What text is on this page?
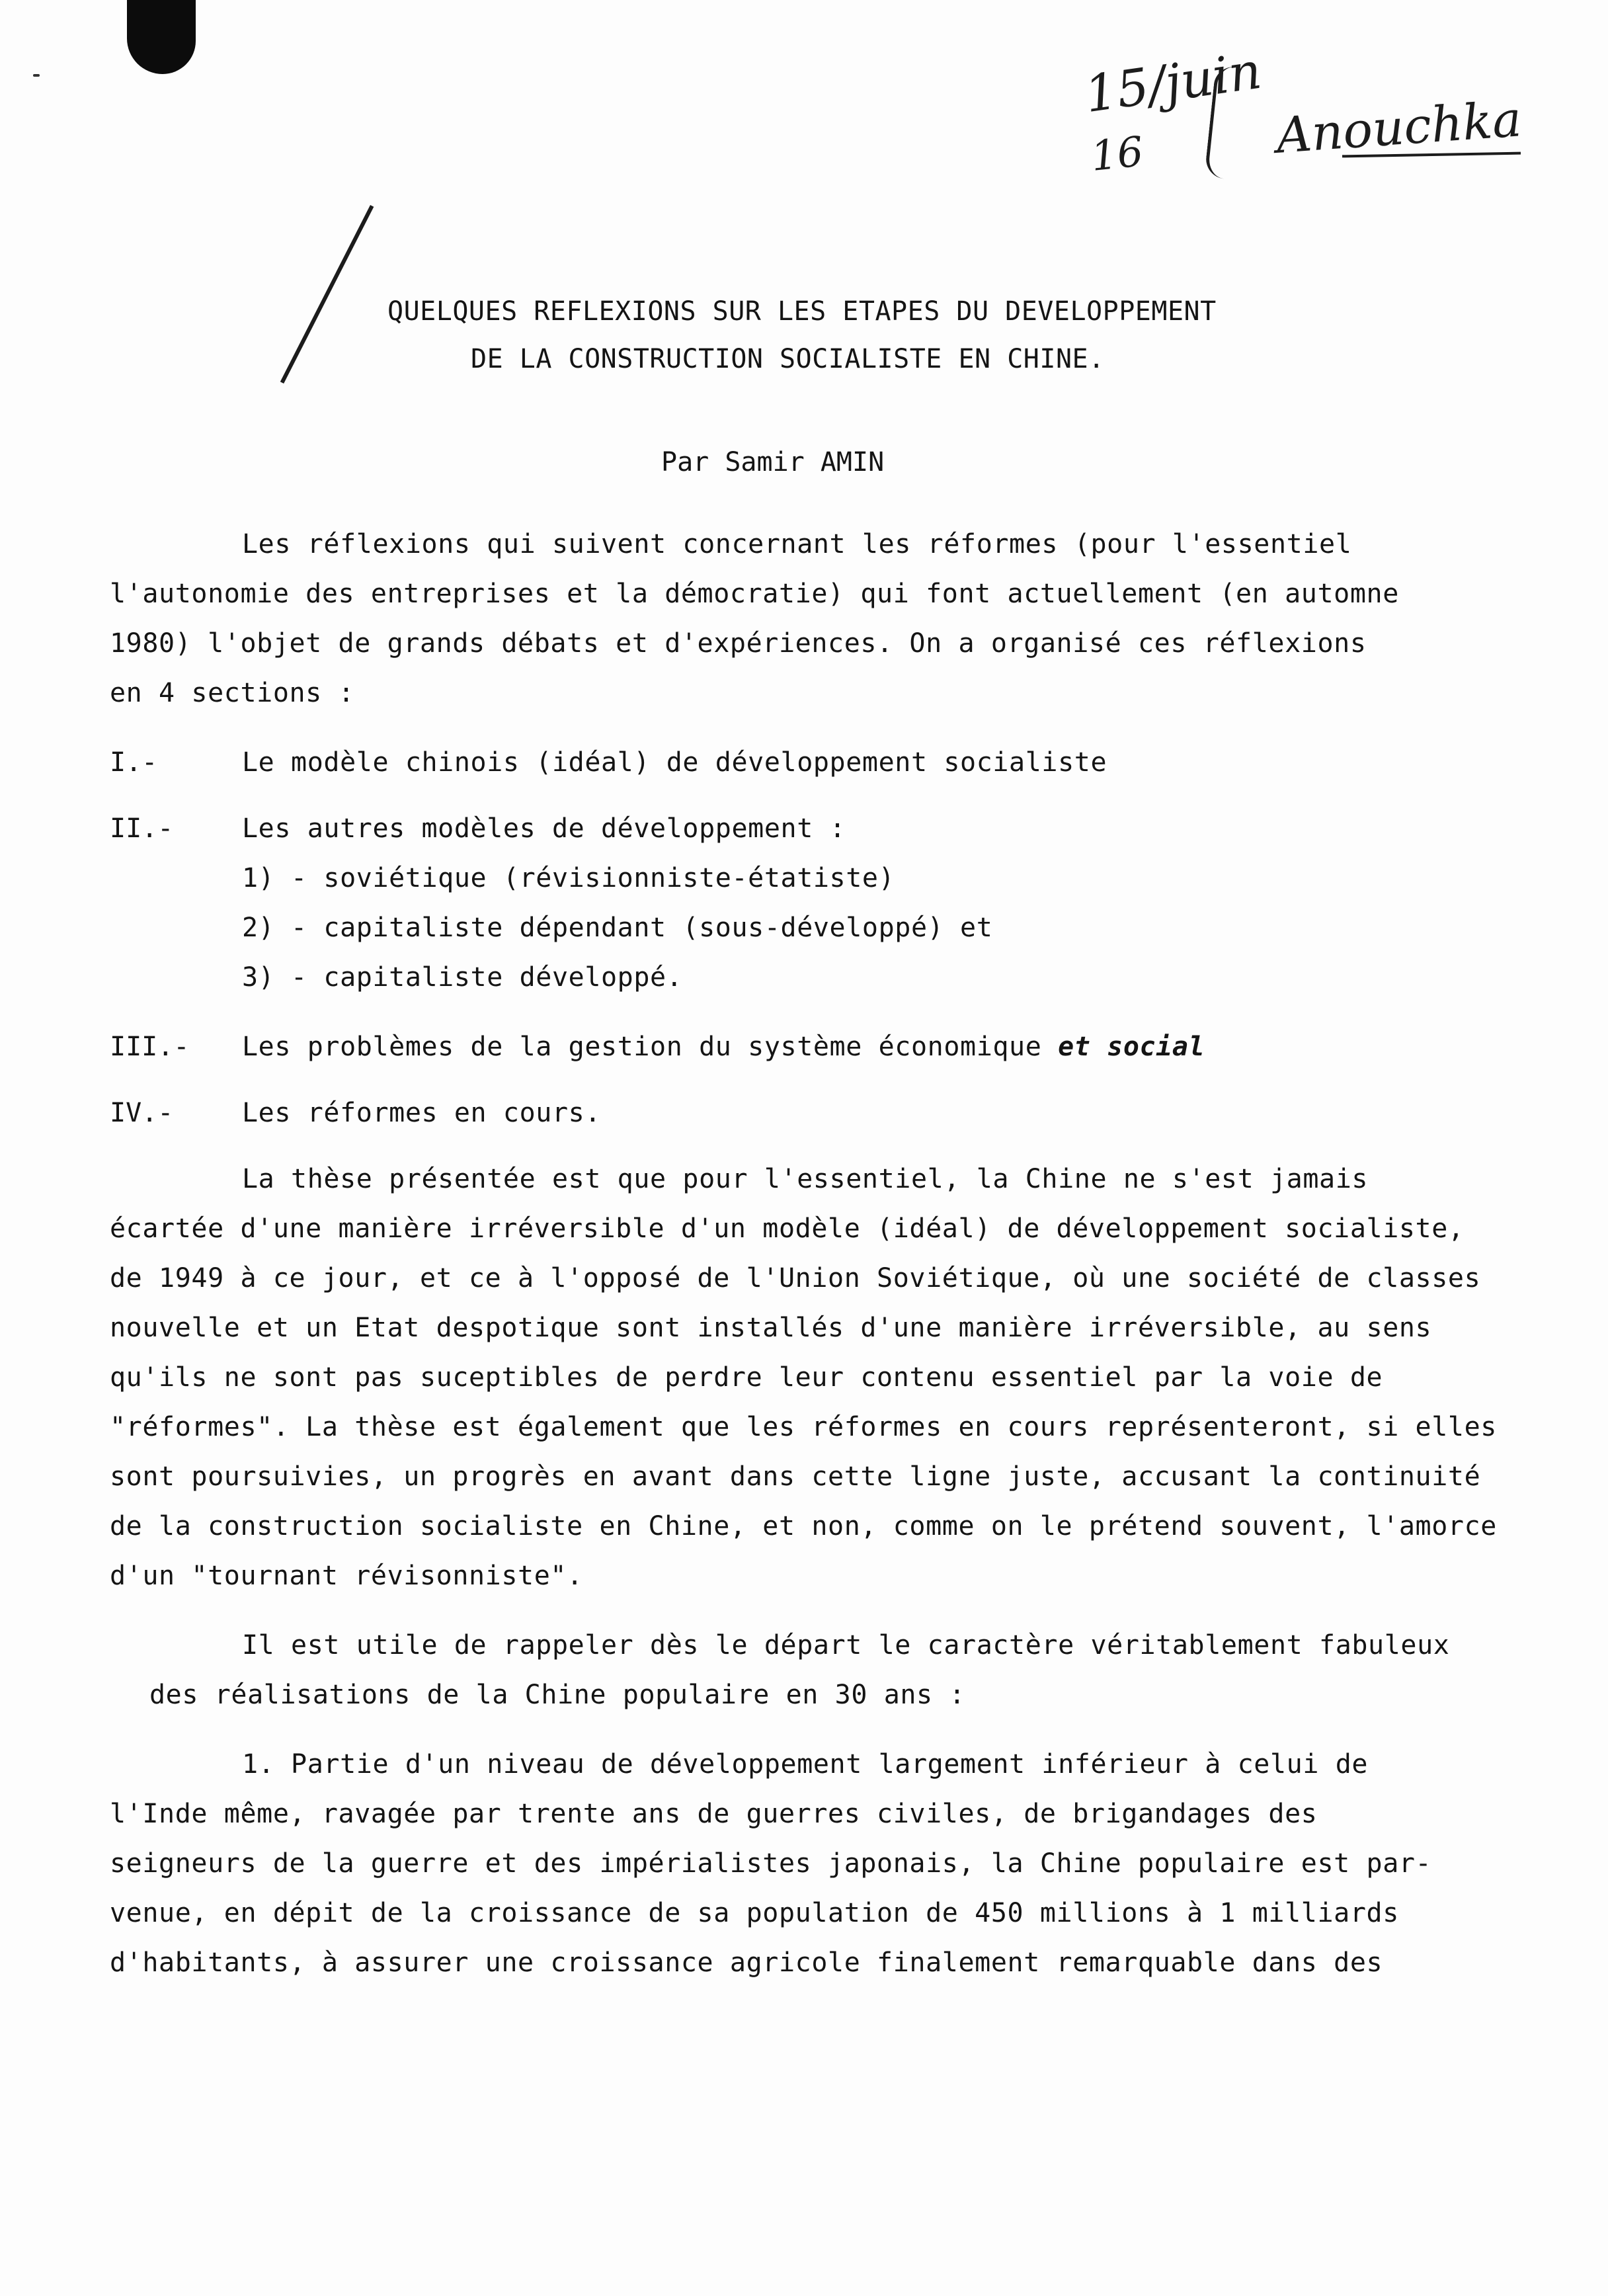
15/juin
16	Anouchka
QUELQUES REFLEXIONS SUR LES ETAPES DU DEVELOPPEMENT
DE LA CONSTRUCTION SOCIALISTE EN CHINE.
Par Samir AMIN
Les réflexions qui suivent concernant les réformes (pour l'essentiel
l'autonomie des entreprises et la démocratie) qui font actuellement (en automne
1980) l'objet de grands débats et d'expériences. On a organisé ces réflexions
en 4 sections :
I.-	Le modèle chinois (idéal) de développement socialiste
II.-	Les autres modèles de développement :
1) - soviétique (révisionniste-étatiste)
2) - capitaliste dépendant (sous-développé) et
3) - capitaliste développé.
III.- Les problèmes de la gestion du système économique et social
IV.-	Les réformes en cours.
La thèse présentée est que pour l'essentiel, la Chine ne s'est jamais
écartée d'une manière irréversible d'un modèle (idéal) de développement socialiste,
de 1949 à ce jour, et ce à l'opposé de l'Union Soviétique, où une société de classes
nouvelle et un Etat despotique sont installés d'une manière irréversible, au sens
qu'ils ne sont pas suceptibles de perdre leur contenu essentiel par la voie de
"réformes". La thèse est également que les réformes en cours représenteront, si elles
sont poursuivies, un progrès en avant dans cette ligne juste, accusant la continuité
de la construction socialiste en Chine, et non, comme on le prétend souvent, l'amorce
d'un "tournant révisonniste".
Il est utile de rappeler dès le départ le caractère véritablement fabuleux
des réalisations de la Chine populaire en 30 ans :
1. Partie d'un niveau de développement largement inférieur à celui de
l'Inde même, ravagée par trente ans de guerres civiles, de brigandages des
seigneurs de la guerre et des impérialistes japonais, la Chine populaire est par-
venue, en dépit de la croissance de sa population de 450 millions à 1 milliards
d'habitants, à assurer une croissance agricole finalement remarquable dans des
